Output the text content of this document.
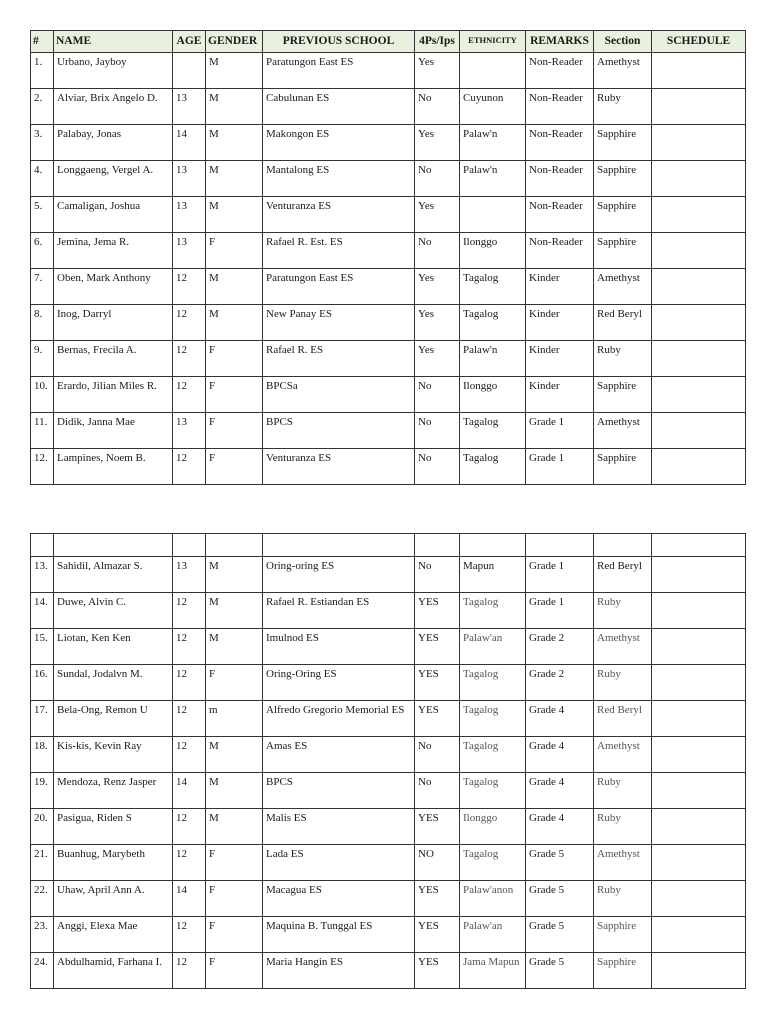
#	NAME	AGE	GENDER	PREVIOUS SCHOOL	4Ps/Ips	ETHNICITY	REMARKS	Section	SCHEDULE
1.	Urbano, Jayboy		M	Paratungon East ES	Yes		Non-Reader	Amethyst	
2.	Alviar, Brix Angelo D.	13	M	Cabulunan ES	No	Cuyunon	Non-Reader	Ruby	
3.	Palabay, Jonas	14	M	Makongon ES	Yes	Palaw'n	Non-Reader	Sapphire	
4.	Longgaeng, Vergel A.	13	M	Mantalong ES	No	Palaw'n	Non-Reader	Sapphire	
5.	Camaligan, Joshua	13	M	Venturanza ES	Yes		Non-Reader	Sapphire	
6.	Jemina, Jema R.	13	F	Rafael R. Est. ES	No	Ilonggo	Non-Reader	Sapphire	
7.	Oben, Mark Anthony	12	M	Paratungon East ES	Yes	Tagalog	Kinder	Amethyst	
8.	Inog, Darryl	12	M	New Panay ES	Yes	Tagalog	Kinder	Red Beryl	
9.	Bernas, Frecila A.	12	F	Rafael R. ES	Yes	Palaw'n	Kinder	Ruby	
10.	Erardo, Jilian Miles R.	12	F	BPCSa	No	Ilonggo	Kinder	Sapphire	
11.	Didik, Janna Mae	13	F	BPCS	No	Tagalog	Grade 1	Amethyst	
12.	Lampines, Noem B.	12	F	Venturanza ES	No	Tagalog	Grade 1	Sapphire	

13.	Sahidil, Almazar S.	13	M	Oring-oring ES	No	Mapun	Grade 1	Red Beryl	
14.	Duwe, Alvin C.	12	M	Rafael R. Estiandan ES	YES	Tagalog	Grade 1	Ruby	
15.	Liotan, Ken Ken	12	M	Imulnod ES	YES	Palaw'an	Grade 2	Amethyst	
16.	Sundal, Jodalvn M.	12	F	Oring-Oring ES	YES	Tagalog	Grade 2	Ruby	
17.	Bela-Ong, Remon U	12	m	Alfredo Gregorio Memorial ES	YES	Tagalog	Grade 4	Red Beryl	
18.	Kis-kis, Kevin Ray	12	M	Amas ES	No	Tagalog	Grade 4	Amethyst	
19.	Mendoza, Renz Jasper	14	M	BPCS	No	Tagalog	Grade 4	Ruby	
20.	Pasigua, Riden S	12	M	Malis ES	YES	Ilonggo	Grade 4	Ruby	
21.	Buanhug, Marybeth	12	F	Lada ES	NO	Tagalog	Grade 5	Amethyst	
22.	Uhaw, April Ann A.	14	F	Macagua ES	YES	Palaw'anon	Grade 5	Ruby	
23.	Anggi, Elexa Mae	12	F	Maquina B. Tunggal ES	YES	Palaw'an	Grade 5	Sapphire	
24.	Abdulhamid, Farhana I.	12	F	Maria Hangin ES	YES	Jama Mapun	Grade 5	Sapphire	
